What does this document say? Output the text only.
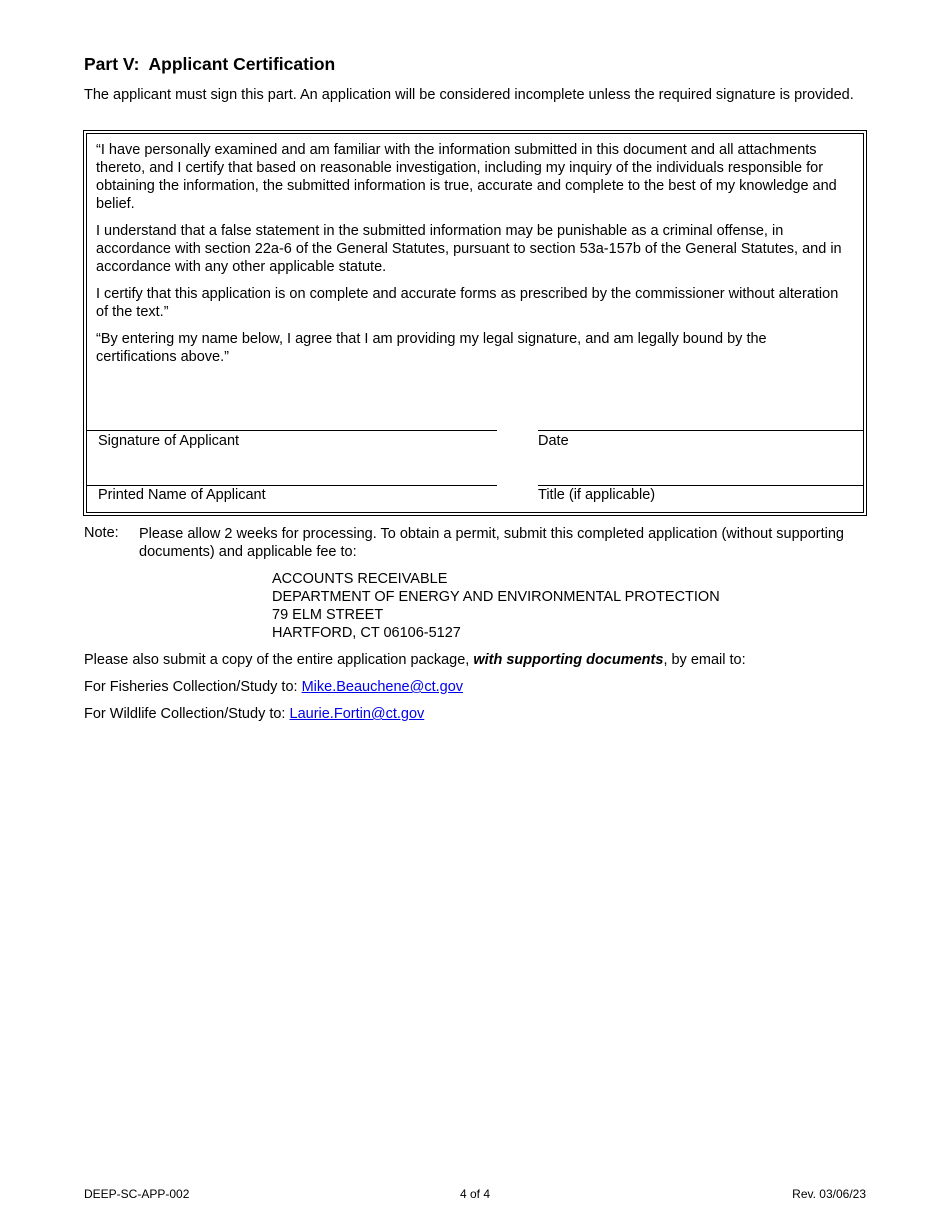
Part V:  Applicant Certification

The applicant must sign this part. An application will be considered incomplete unless the required signature is provided.

“I have personally examined and am familiar with the information submitted in this document and all attachments thereto, and I certify that based on reasonable investigation, including my inquiry of the individuals responsible for obtaining the information, the submitted information is true, accurate and complete to the best of my knowledge and belief.

I understand that a false statement in the submitted information may be punishable as a criminal offense, in accordance with section 22a-6 of the General Statutes, pursuant to section 53a-157b of the General Statutes, and in accordance with any other applicable statute.

I certify that this application is on complete and accurate forms as prescribed by the commissioner without alteration of the text.”

“By entering my name below, I agree that I am providing my legal signature, and am legally bound by the certifications above.”

Signature of Applicant	Date
Printed Name of Applicant	Title (if applicable)
Note: Please allow 2 weeks for processing. To obtain a permit, submit this completed application (without supporting documents) and applicable fee to:
ACCOUNTS RECEIVABLE
DEPARTMENT OF ENERGY AND ENVIRONMENTAL PROTECTION
79 ELM STREET
HARTFORD, CT 06106-5127
Please also submit a copy of the entire application package, with supporting documents, by email to:
For Fisheries Collection/Study to: Mike.Beauchene@ct.gov
For Wildlife Collection/Study to: Laurie.Fortin@ct.gov
DEEP-SC-APP-002	4 of 4	Rev. 03/06/23
